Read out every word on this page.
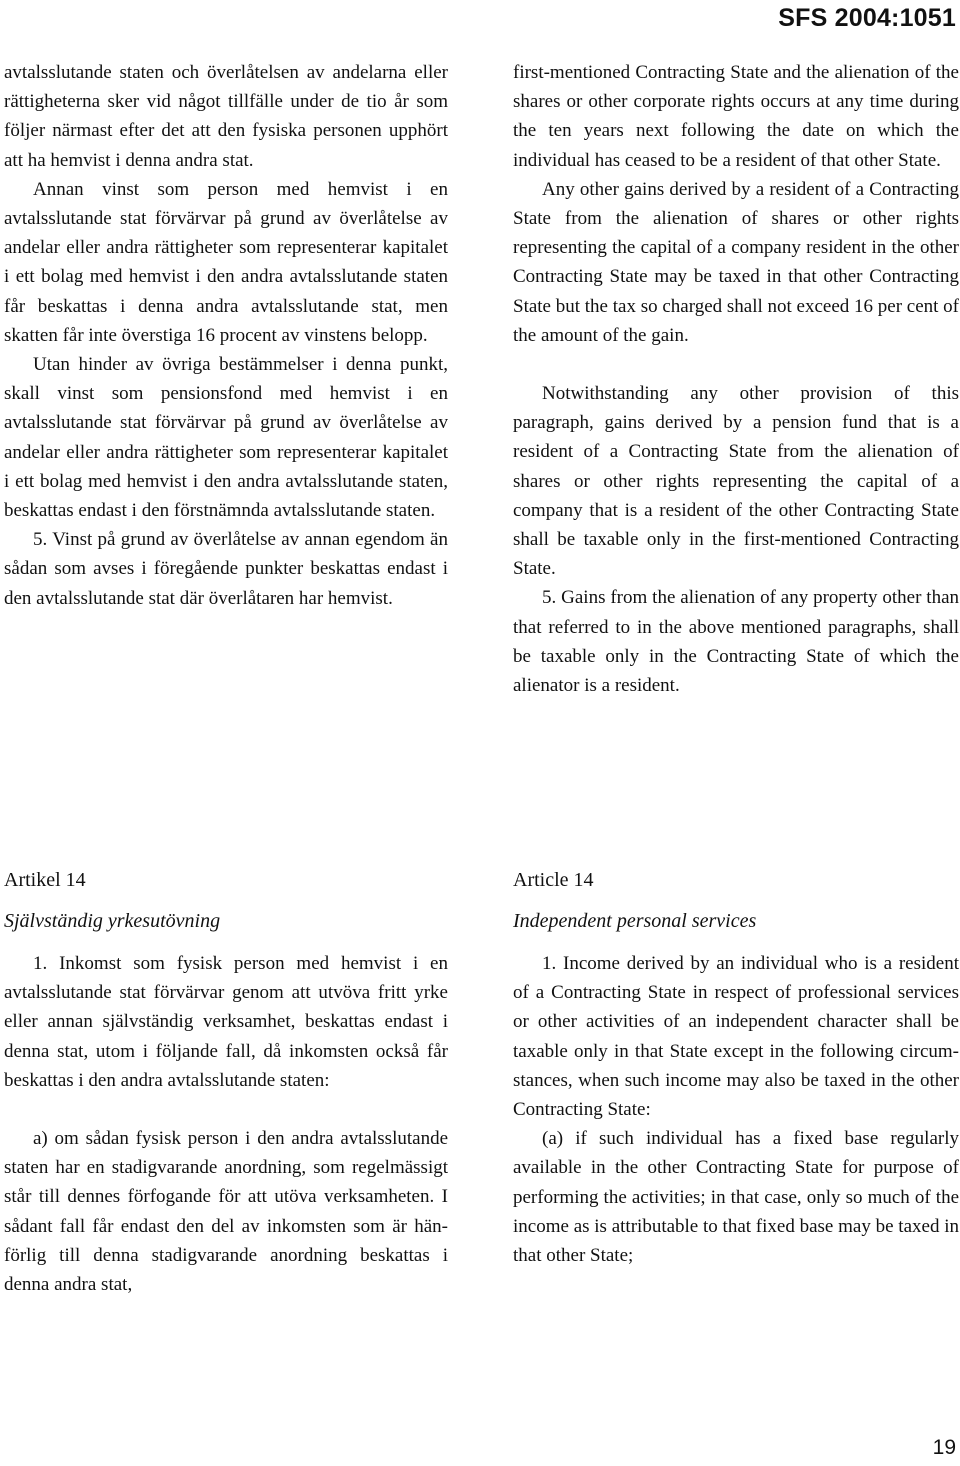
SFS 2004:1051

avtalsslutande staten och överlåtelsen av andelarna eller rättigheterna sker vid något tillfälle under de tio år som följer närmast efter det att den fysiska personen upphört att ha hemvist i denna andra stat.

Annan vinst som person med hemvist i en avtalsslutande stat förvärvar på grund av överlåtelse av andelar eller andra rättigheter som representerar kapitalet i ett bolag med hemvist i den andra avtalsslutande staten får beskattas i denna andra avtalsslutande stat, men skatten får inte överstiga 16 procent av vinstens belopp.

Utan hinder av övriga bestämmelser i denna punkt, skall vinst som pensionsfond med hemvist i en avtalsslutande stat förvärvar på grund av överlåtelse av andelar eller andra rättigheter som representerar kapitalet i ett bolag med hemvist i den andra avtalsslutande staten, beskattas endast i den förstnämnda avtalsslutande staten.

5. Vinst på grund av överlåtelse av annan egendom än sådan som avses i föregående punkter beskattas endast i den avtalsslutande stat där överlåtaren har hemvist.

first-mentioned Contracting State and the alienation of the shares or other corporate rights occurs at any time during the ten years next following the date on which the individual has ceased to be a resident of that other State.

Any other gains derived by a resident of a Contracting State from the alienation of shares or other rights representing the capital of a company resident in the other Contracting State may be taxed in that other Contracting State but the tax so charged shall not exceed 16 per cent of the amount of the gain.

Notwithstanding any other provision of this paragraph, gains derived by a pension fund that is a resident of a Contracting State from the alienation of shares or other rights representing the capital of a company that is a resident of the other Contracting State shall be taxable only in the first-mentioned Contracting State.

5. Gains from the alienation of any property other than that referred to in the above mentioned paragraphs, shall be taxable only in the Contracting State of which the alienator is a resident.

Artikel 14
Självständig yrkesutövning

1. Inkomst som fysisk person med hemvist i en avtalsslutande stat förvärvar genom att utvöva fritt yrke eller annan självständig verksamhet, beskattas endast i denna stat, utom i följande fall, då inkomsten också får beskattas i den andra avtalsslutande staten:

a) om sådan fysisk person i den andra avtalsslutande staten har en stadigvarande anordning, som regelmässigt står till dennes förfogande för att utöva verksamheten. I sådant fall får endast den del av inkomsten som är hänförlig till denna stadigvarande anordning beskattas i denna andra stat,

Article 14
Independent personal services

1. Income derived by an individual who is a resident of a Contracting State in respect of professional services or other activities of an independent character shall be taxable only in that State except in the following circumstances, when such income may also be taxed in the other Contracting State:

(a) if such individual has a fixed base regularly available in the other Contracting State for purpose of performing the activities; in that case, only so much of the income as is attributable to that fixed base may be taxed in that other State;

19
